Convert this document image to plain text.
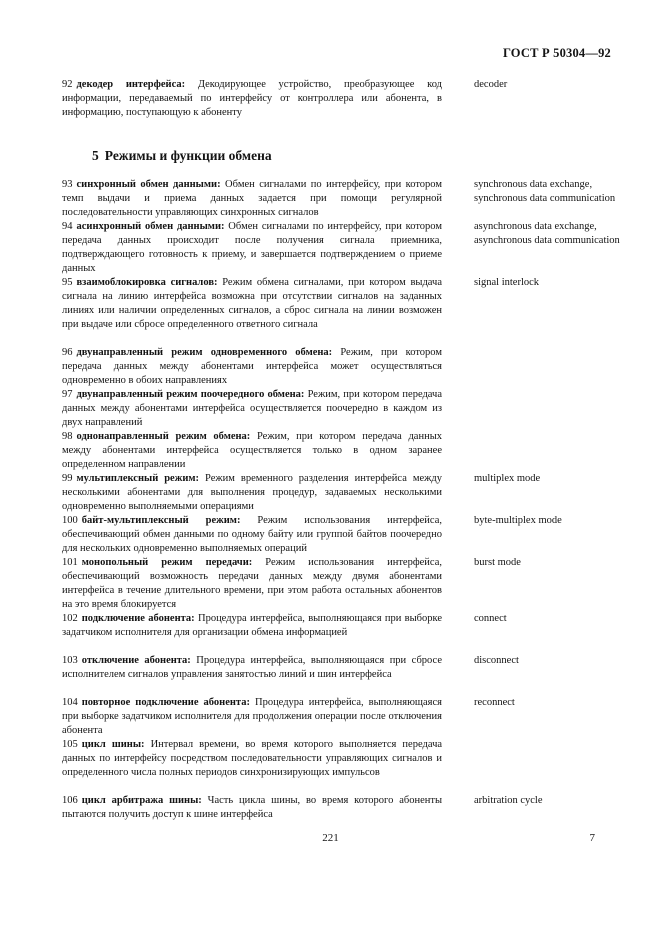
ГОСТ Р 50304—92
92 декодер интерфейса: Декодирующее устройство, преобразующее код информации, передаваемый по интерфейсу от контроллера или абонента, в информацию, поступающую к абоненту
decoder
5 Режимы и функции обмена
93 синхронный обмен данными: Обмен сигналами по интерфейсу, при котором темп выдачи и приема данных задается при помощи регулярной последовательности управляющих синхронных сигналов
synchronous data exchange, synchronous data communication
94 асинхронный обмен данными: Обмен сигналами по интерфейсу, при котором передача данных происходит после получения сигнала приемника, подтверждающего готовность к приему, и завершается подтверждением о приеме данных
asynchronous data exchange, asynchronous data communication
95 взаимоблокировка сигналов: Режим обмена сигналами, при котором выдача сигнала на линию интерфейса возможна при отсутствии сигналов на заданных линиях или наличии определенных сигналов, а сброс сигнала на линии возможен при выдаче или сбросе определенного ответного сигнала
signal interlock
96 двунаправленный режим одновременного обмена: Режим, при котором передача данных между абонентами интерфейса может осуществляться одновременно в обоих направлениях
97 двунаправленный режим поочередного обмена: Режим, при котором передача данных между абонентами интерфейса осуществляется поочередно в каждом из двух направлений
98 однонаправленный режим обмена: Режим, при котором передача данных между абонентами интерфейса осуществляется только в одном заранее определенном направлении
99 мультиплексный режим: Режим временного разделения интерфейса между несколькими абонентами для выполнения процедур, задаваемых несколькими одновременно выполняемыми операциями
multiplex mode
100 байт-мультиплексный режим: Режим использования интерфейса, обеспечивающий обмен данными по одному байту или группой байтов поочередно для нескольких одновременно выполняемых операций
byte-multiplex mode
101 монопольный режим передачи: Режим использования интерфейса, обеспечивающий возможность передачи данных между двумя абонентами интерфейса в течение длительного времени, при этом работа остальных абонентов на это время блокируется
burst mode
102 подключение абонента: Процедура интерфейса, выполняющаяся при выборке задатчиком исполнителя для организации обмена информацией
connect
103 отключение абонента: Процедура интерфейса, выполняющаяся при сбросе исполнителем сигналов управления занятостью линий и шин интерфейса
disconnect
104 повторное подключение абонента: Процедура интерфейса, выполняющаяся при выборке задатчиком исполнителя для продолжения операции после отключения абонента
reconnect
105 цикл шины: Интервал времени, во время которого выполняется передача данных по интерфейсу посредством последовательности управляющих сигналов и определенного числа полных периодов синхронизирующих импульсов
106 цикл арбитража шины: Часть цикла шины, во время которого абоненты пытаются получить доступ к шине интерфейса
arbitration cycle
221	7
